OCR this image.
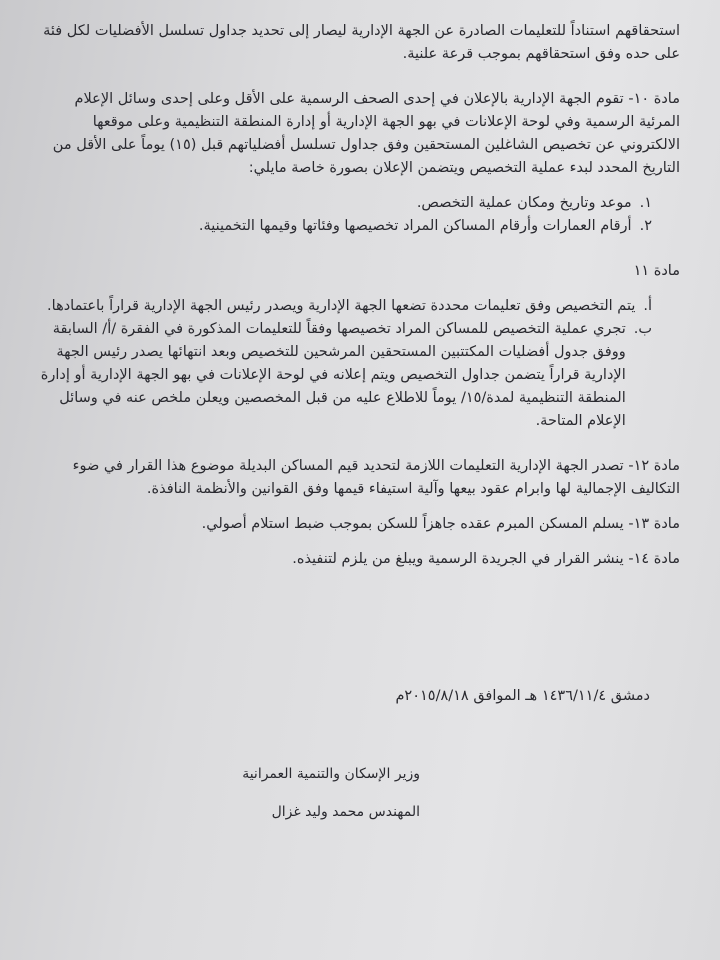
استحقاقهم استناداً للتعليمات الصادرة عن الجهة الإدارية ليصار إلى تحديد جداول تسلسل الأفضليات لكل فئة على حده وفق استحقاقهم بموجب قرعة علنية.

مادة ١٠- تقوم الجهة الإدارية بالإعلان في إحدى الصحف الرسمية على الأقل وعلى إحدى وسائل الإعلام المرئية الرسمية وفي لوحة الإعلانات في بهو الجهة الإدارية أو إدارة المنطقة التنظيمية وعلى موقعها الالكتروني عن تخصيص الشاغلين المستحقين وفق جداول تسلسل أفضلياتهم قبل (١٥) يوماً على الأقل من التاريخ المحدد لبدء عملية التخصيص ويتضمن الإعلان بصورة خاصة مايلي:

١.
موعد وتاريخ ومكان عملية التخصص.
٢.
أرقام العمارات وأرقام المساكن المراد تخصيصها وفئاتها وقيمها التخمينية.

مادة ١١

أ.
يتم التخصيص وفق تعليمات محددة تضعها الجهة الإدارية ويصدر رئيس الجهة الإدارية قراراً باعتمادها.
ب.
تجري عملية التخصيص للمساكن المراد تخصيصها وفقاً للتعليمات المذكورة في الفقرة /أ/ السابقة ووفق جدول أفضليات المكتتبين المستحقين المرشحين للتخصيص وبعد انتهائها يصدر رئيس الجهة الإدارية قراراً يتضمن جداول التخصيص ويتم إعلانه في لوحة الإعلانات في بهو الجهة الإدارية أو إدارة المنطقة التنظيمية لمدة/١٥/ يوماً للاطلاع عليه من قبل المخصصين ويعلن ملخص عنه في وسائل الإعلام المتاحة.

مادة ١٢- تصدر الجهة الإدارية التعليمات اللازمة لتحديد قيم المساكن البديلة موضوع هذا القرار في ضوء التكاليف الإجمالية لها وابرام عقود بيعها وآلية استيفاء قيمها وفق القوانين والأنظمة النافذة.

مادة ١٣- يسلم المسكن المبرم عقده جاهزاً للسكن بموجب ضبط استلام أصولي.

مادة ١٤- ينشر القرار في الجريدة الرسمية ويبلغ من يلزم لتنفيذه.

دمشق ١٤٣٦/١١/٤ هـ الموافق ٢٠١٥/٨/١٨م
وزير الإسكان والتنمية العمرانية
المهندس محمد وليد غزال
